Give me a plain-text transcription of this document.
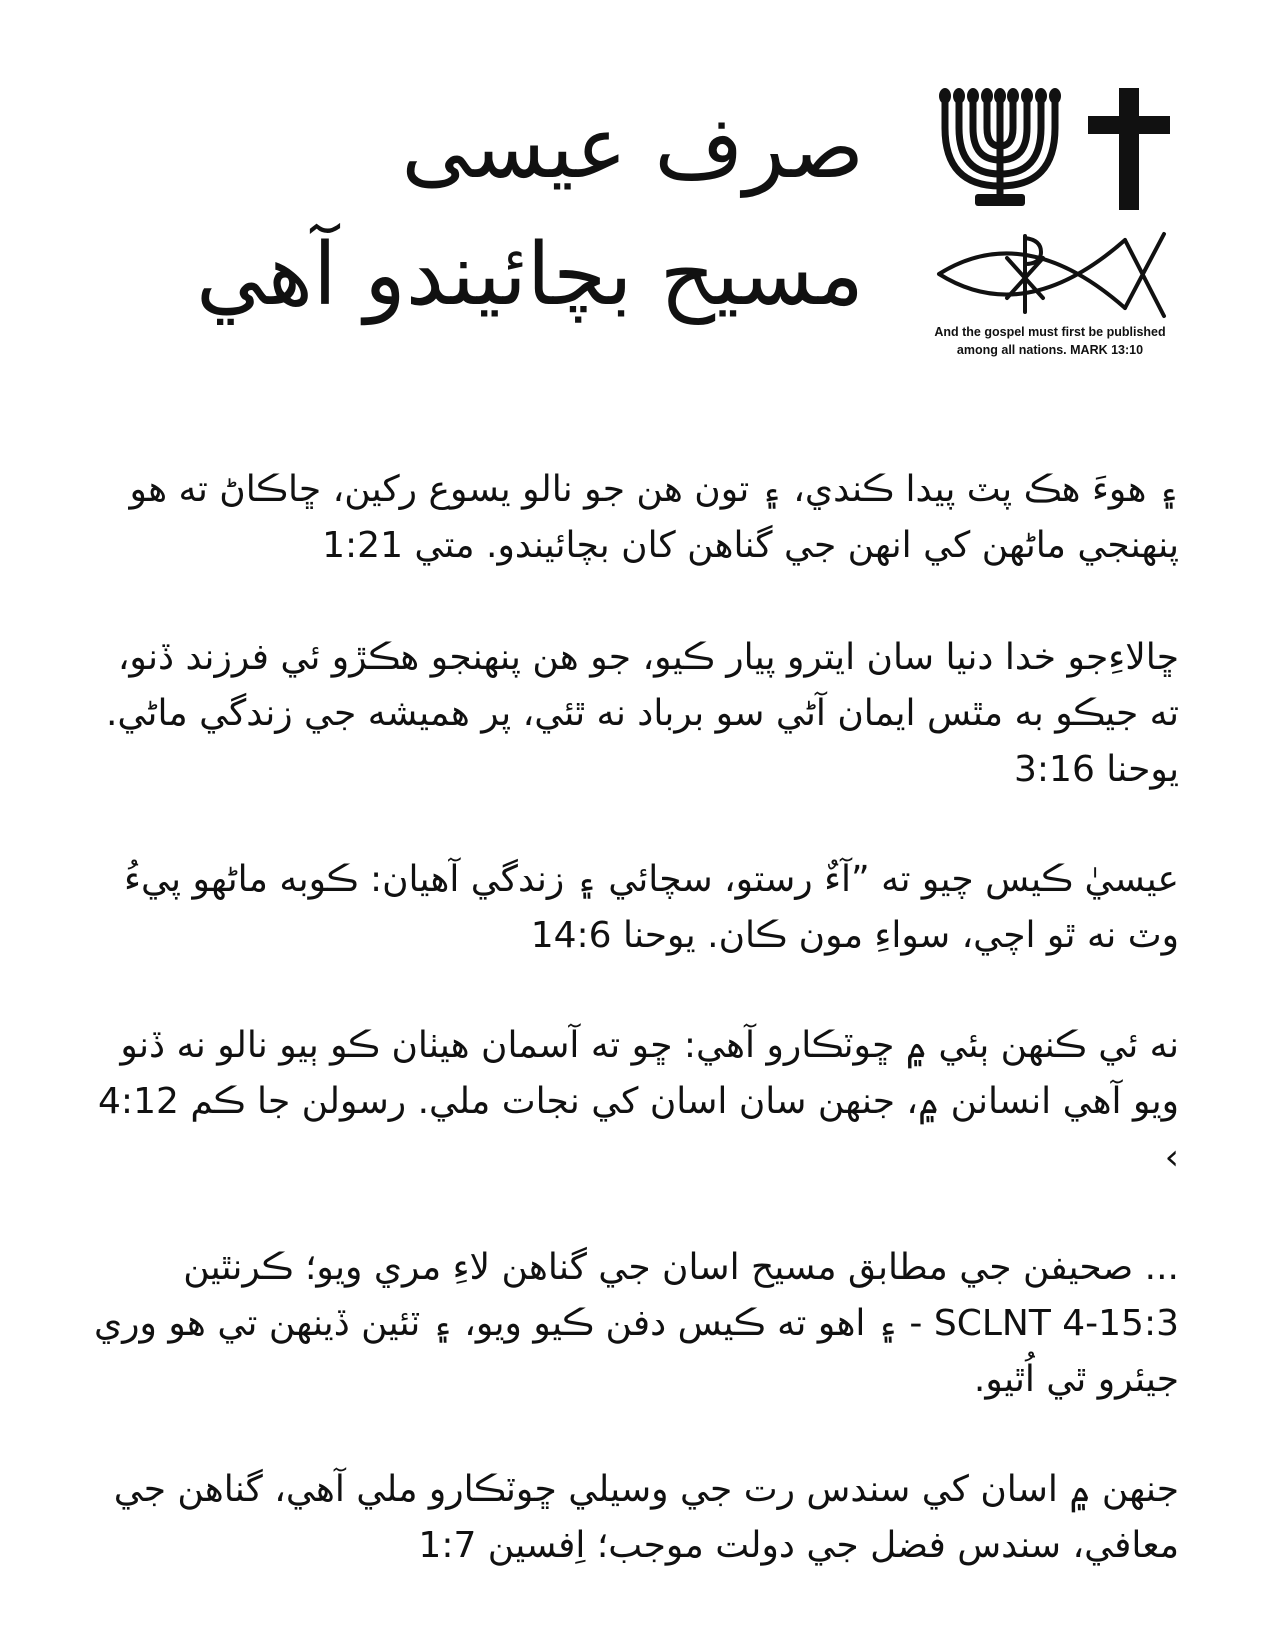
صرف عيسى
مسيح بچائيندو آهي
And the gospel must first be published
among all nations. MARK 13:10
۽ هوءَ هڪ پٽ پيدا ڪندي، ۽ تون هن جو نالو يسوع رکين، ڇاڪاڻ ته هو پنهنجي ماڻهن کي انهن جي گناهن کان بچائيندو. متي 1:21
ڇالاءِجو خدا دنيا سان ايترو پيار ڪيو، جو هن پنهنجو هڪڙو ئي فرزند ڏنو، ته جيڪو به مٿس ايمان آڻي سو برباد نه ٿئي، پر هميشه جي زندگي ماڻي. يوحنا 3:16
عيسيٰ ڪيس چيو ته ”آءٌ رستو، سچائي ۽ زندگي آهيان: ڪوبه ماڻهو پيءُ وٽ نه ٿو اچي، سواءِ مون ڪان. يوحنا 14:6
نه ئي ڪنهن ٻئي ۾ ڇوٽڪارو آهي: ڇو ته آسمان هيٺان ڪو ٻيو نالو نه ڏنو ويو آهي انسانن ۾، جنهن سان اسان کي نجات ملي. رسولن جا ڪم 4:12 ›
... صحيفن جي مطابق مسيح اسان جي گناهن لاءِ مري ويو؛ ڪرنٿين SCLNT 4-15:3 - ۽ اهو ته ڪيس دفن ڪيو ويو، ۽ ٽئين ڏينهن تي هو وري جيئرو ٿي اُٿيو.
جنهن ۾ اسان کي سندس رت جي وسيلي ڇوٽڪارو ملي آهي، گناهن جي معافي، سندس فضل جي دولت موجب؛ اِفسين 1:7
